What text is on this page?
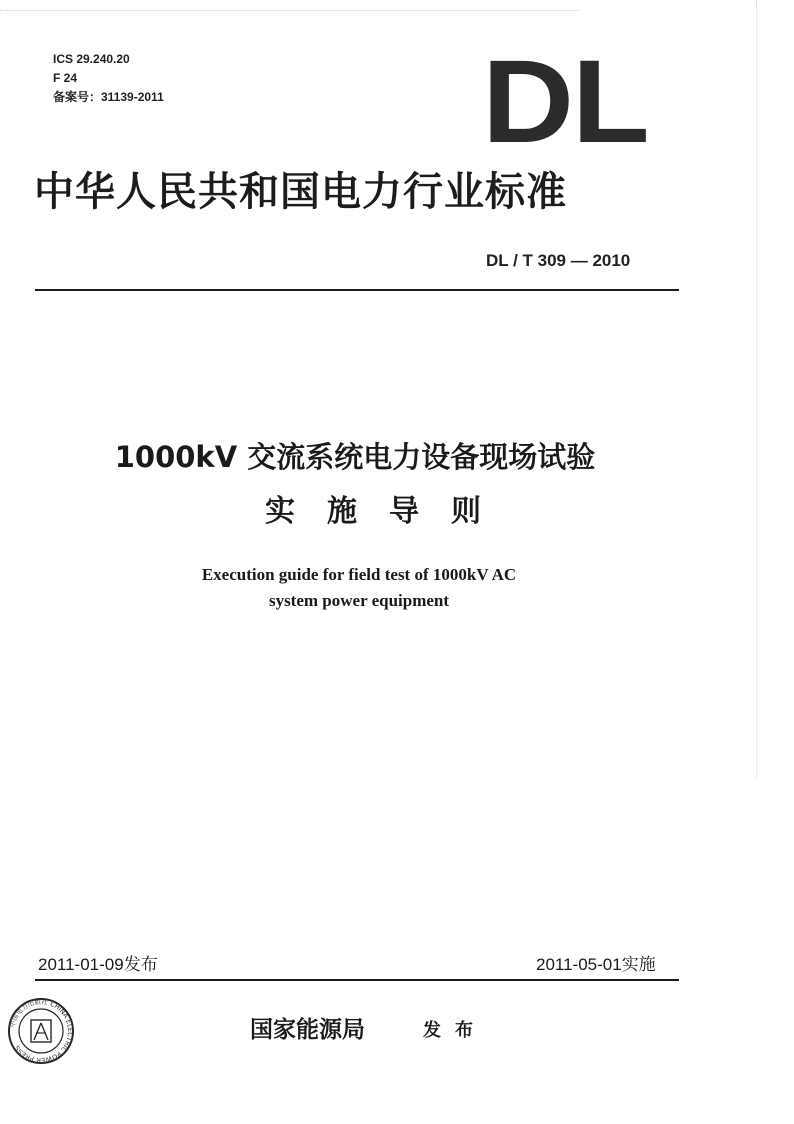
ICS 29.240.20
F 24
备案号：31139-2011	DL
中华人民共和国电力行业标准
DL / T 309 — 2010
1000kV 交流系统电力设备现场试验
实施导则
Execution guide for field test of 1000kV AC
system power equipment
2011-01-09发布	2011-05-01实施
中国电力出版社 CHINA ELECTRIC POWER PRESS
国家能源局	发布
